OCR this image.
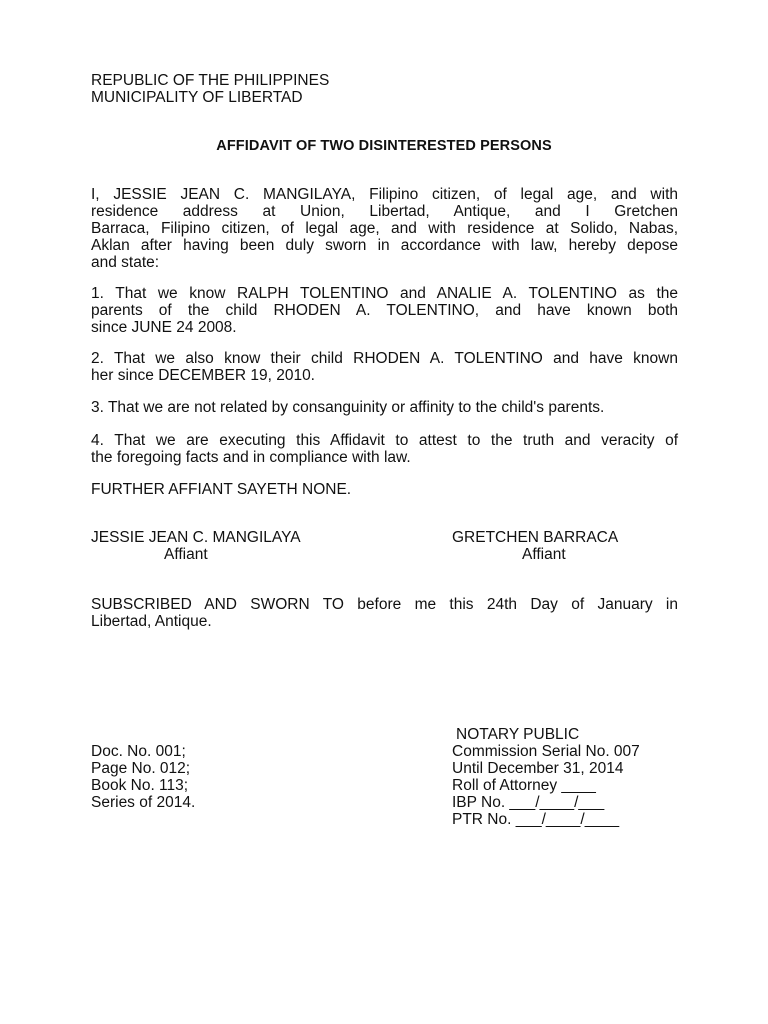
REPUBLIC OF THE PHILIPPINES
MUNICIPALITY OF LIBERTAD
AFFIDAVIT OF TWO DISINTERESTED PERSONS
I, JESSIE JEAN C. MANGILAYA, Filipino citizen, of legal age, and with
residence address at Union, Libertad, Antique, and I Gretchen
Barraca, Filipino citizen, of legal age, and with residence at Solido, Nabas,
Aklan after having been duly sworn in accordance with law, hereby depose
and state:
1. That we know RALPH TOLENTINO and ANALIE A. TOLENTINO as the
parents of the child RHODEN A. TOLENTINO, and have known both
since JUNE 24 2008.
2. That we also know their child RHODEN A. TOLENTINO and have known
her since DECEMBER 19, 2010.
3. That we are not related by consanguinity or affinity to the child's parents.
4. That we are executing this Affidavit to attest to the truth and veracity of
the foregoing facts and in compliance with law.
FURTHER AFFIANT SAYETH NONE.
JESSIE JEAN C. MANGILAYA
Affiant
GRETCHEN BARRACA
Affiant
SUBSCRIBED AND SWORN TO before me this 24th Day of January in
Libertad, Antique.
NOTARY PUBLIC
Commission Serial No. 007
Until December 31, 2014
Roll of Attorney ____
IBP No. ___/____/___
PTR No. ___/____/____
Doc. No. 001;
Page No. 012;
Book No. 113;
Series of 2014.
